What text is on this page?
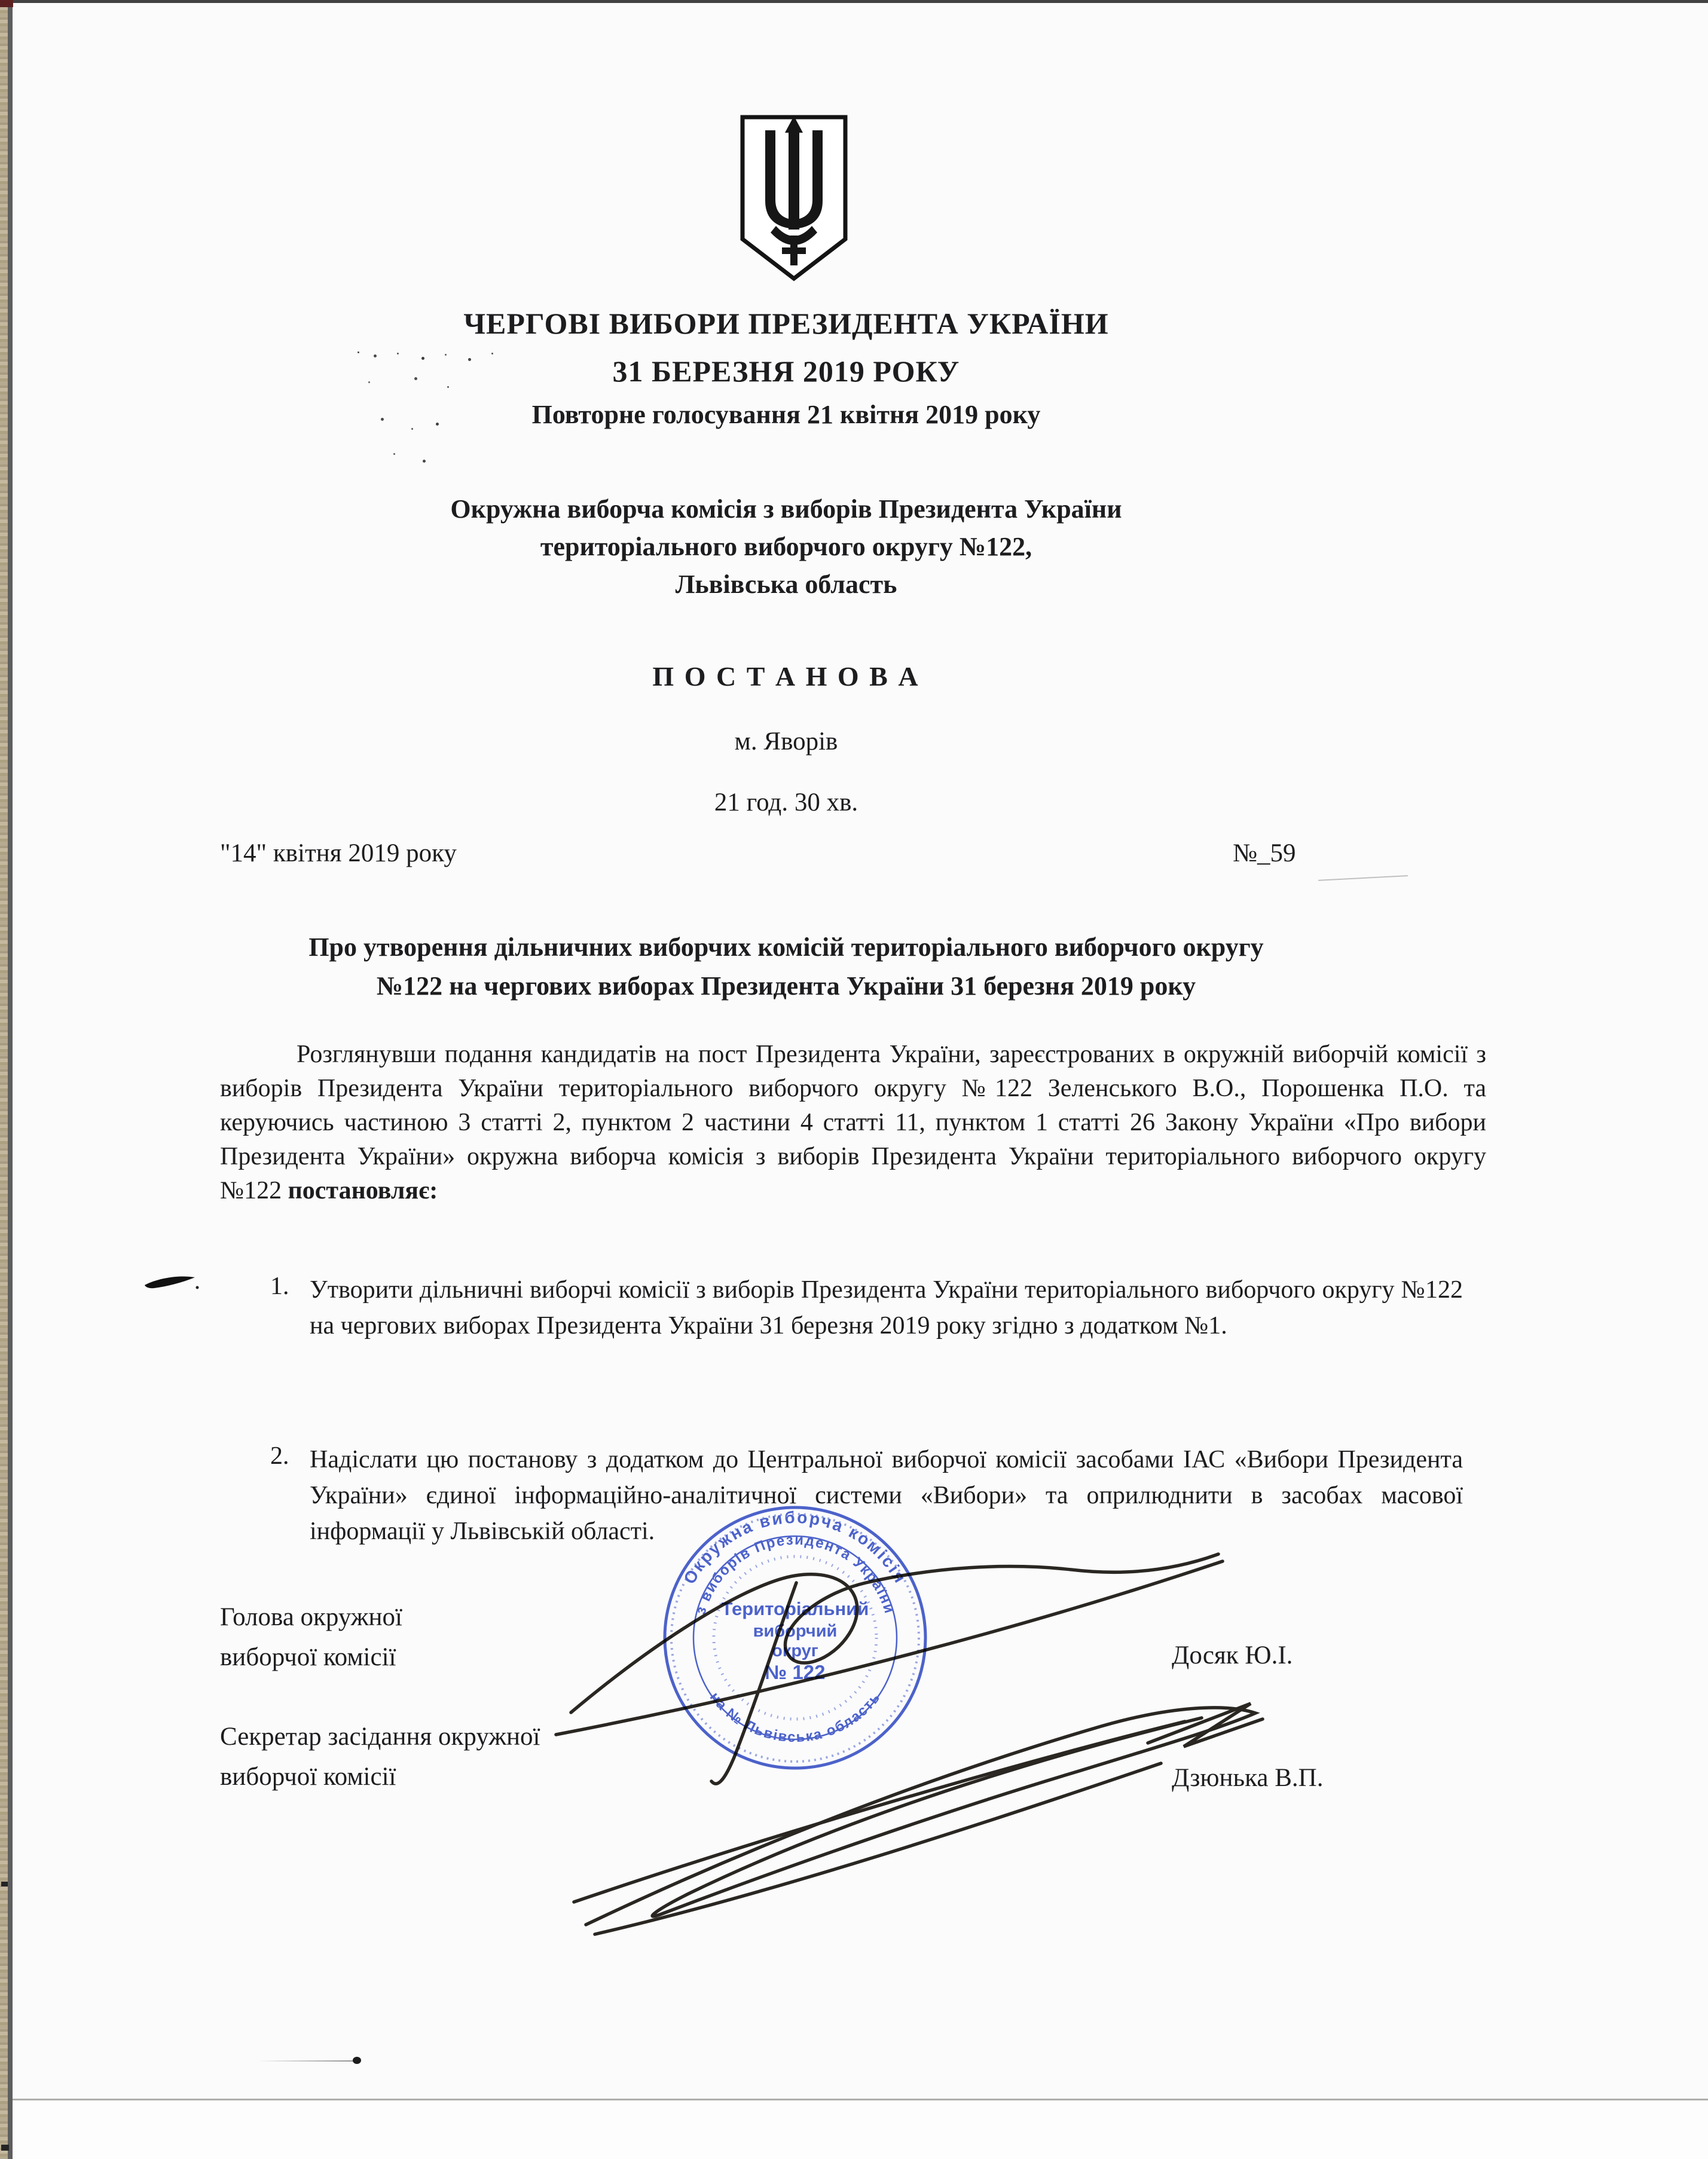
ЧЕРГОВІ ВИБОРИ ПРЕЗИДЕНТА УКРАЇНИ
31 БЕРЕЗНЯ 2019 РОКУ
Повторне голосування 21 квітня 2019 року
Окружна виборча комісія з виборів Президента України
територіального виборчого округу №122,
Львівська область
П О С Т А Н О В А
м. Яворів
21 год. 30 хв.
"14" квітня 2019 року	№_59
Про утворення дільничних виборчих комісій територіального виборчого округу
№122 на чергових виборах Президента України 31 березня 2019 року
Розглянувши подання кандидатів на пост Президента України, зареєстрованих в окружній виборчій комісії з виборів Президента України територіального виборчого округу №122 Зеленського В.О., Порошенка П.О. та керуючись частиною 3 статті 2, пунктом 2 частини 4 статті 11, пунктом 1 статті 26 Закону України «Про вибори Президента України» окружна виборча комісія з виборів Президента України територіального виборчого округу №122 постановляє:
1. Утворити дільничні виборчі комісії з виборів Президента України територіального виборчого округу №122 на чергових виборах Президента України 31 березня 2019 року згідно з додатком №1.
2. Надіслати цю постанову з додатком до Центральної виборчої комісії засобами ІАС «Вибори Президента України» єдиної інформаційно-аналітичної системи «Вибори» та оприлюднити в засобах масової інформації у Львівській області.
Голова окружної
виборчої комісії	Досяк Ю.І.
Секретар засідання окружної
виборчої комісії	Дзюнька В.П.
Окружна виборча комісія
з виборів Президента України
на № Львівська область
Територіальний
виборчий
округ
№ 122
